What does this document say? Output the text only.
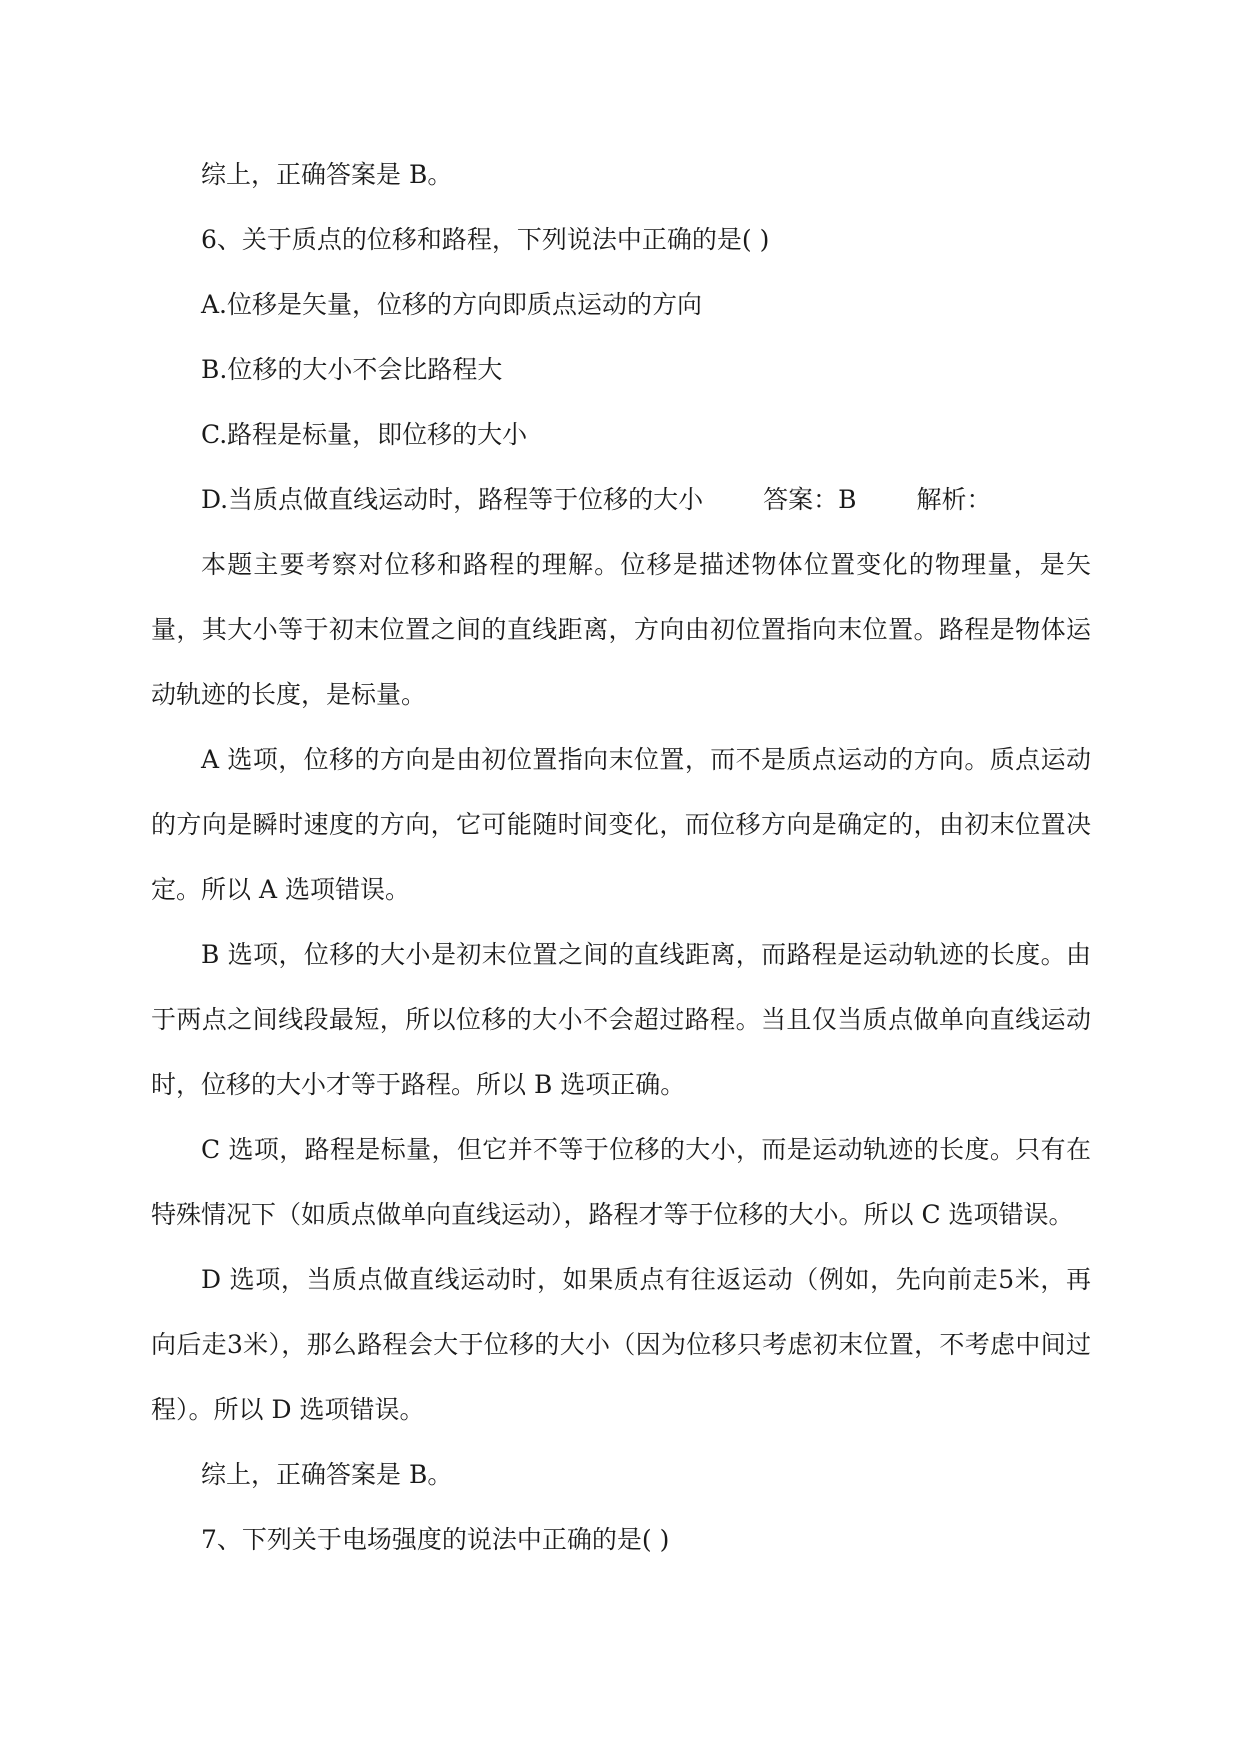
综上，正确答案是 B。

6、关于质点的位移和路程，下列说法中正确的是( )

A.位移是矢量，位移的方向即质点运动的方向

B.位移的大小不会比路程大

C.路程是标量，即位移的大小

D.当质点做直线运动时，路程等于位移的大小 答案：B 解析：

本题主要考察对位移和路程的理解。位移是描述物体位置变化的物理量，是矢量，其大小等于初末位置之间的直线距离，方向由初位置指向末位置。路程是物体运动轨迹的长度，是标量。

A 选项，位移的方向是由初位置指向末位置，而不是质点运动的方向。质点运动的方向是瞬时速度的方向，它可能随时间变化，而位移方向是确定的，由初末位置决定。所以 A 选项错误。

B 选项，位移的大小是初末位置之间的直线距离，而路程是运动轨迹的长度。由于两点之间线段最短，所以位移的大小不会超过路程。当且仅当质点做单向直线运动时，位移的大小才等于路程。所以 B 选项正确。

C 选项，路程是标量，但它并不等于位移的大小，而是运动轨迹的长度。只有在特殊情况下（如质点做单向直线运动），路程才等于位移的大小。所以 C 选项错误。

D 选项，当质点做直线运动时，如果质点有往返运动（例如，先向前走5米，再向后走3米），那么路程会大于位移的大小（因为位移只考虑初末位置，不考虑中间过程）。所以 D 选项错误。

综上，正确答案是 B。

7、下列关于电场强度的说法中正确的是( )
